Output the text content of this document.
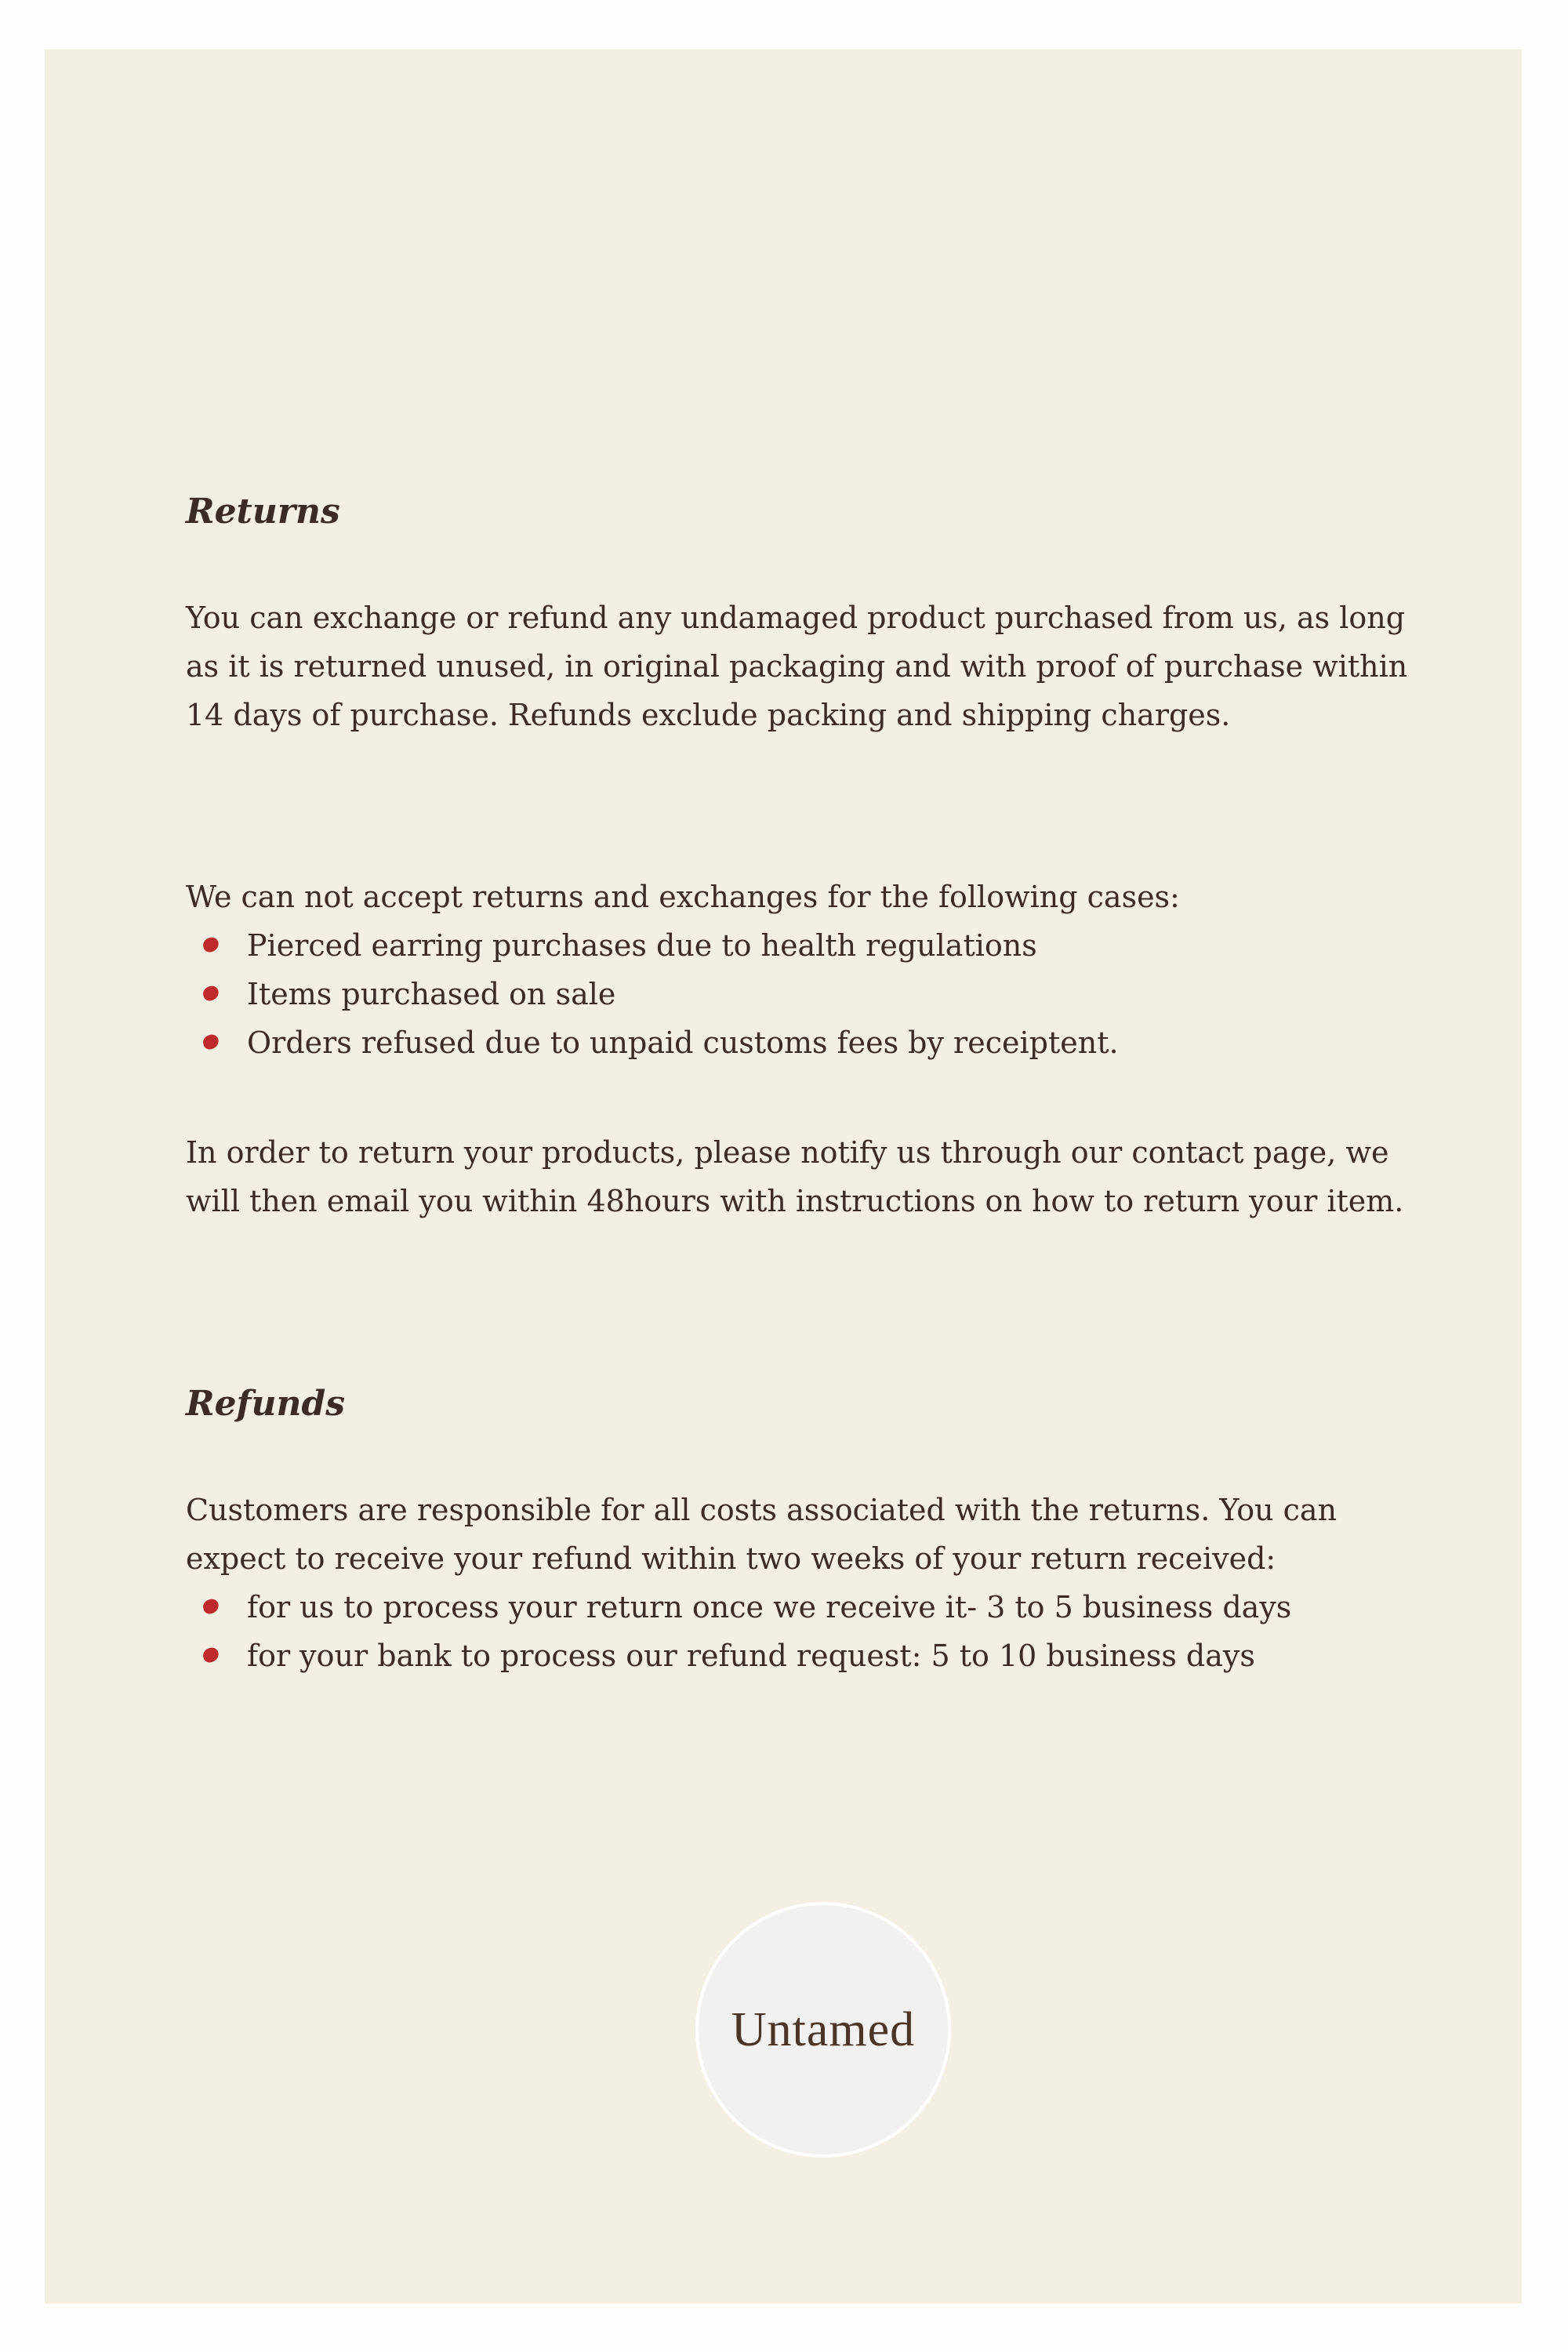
Returns

You can exchange or refund any undamaged product purchased from us, as long as it is returned unused, in original packaging and with proof of purchase within 14 days of purchase. Refunds exclude packing and shipping charges.

We can not accept returns and exchanges for the following cases:

Pierced earring purchases due to health regulations
Items purchased on sale
Orders refused due to unpaid customs fees by receiptent.

In order to return your products, please notify us through our contact page, we will then email you within 48hours with instructions on how to return your item.

Refunds

Customers are responsible for all costs associated with the returns. You can expect to receive your refund within two weeks of your return received:

for us to process your return once we receive it- 3 to 5 business days
for your bank to process our refund request: 5 to 10 business days
Untamed
